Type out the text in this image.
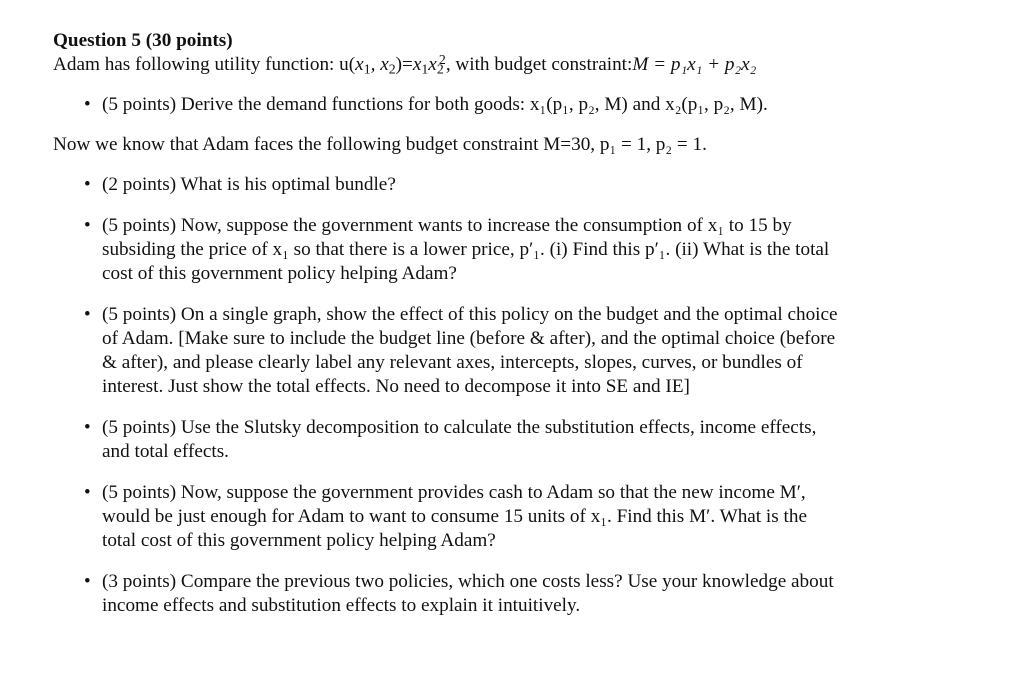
Question 5 (30 points)
Adam has following utility function: $u(x_1$, $x_2)=x_1x_2^2$, with budget constraint:M = p₁x₁ + p₂x₂
• (5 points) Derive the demand functions for both goods: x₁(p₁, p₂, M) and x₂(p₁, p₂, M).
Now we know that Adam faces the following budget constraint M=30, p₁ = 1, p₂ = 1.
• (2 points) What is his optimal bundle?
• (5 points) Now, suppose the government wants to increase the consumption of x₁ to 15 by
subsiding the price of x₁ so that there is a lower price, p′₁. (i) Find this p′₁. (ii) What is the total
cost of this government policy helping Adam?
• (5 points) On a single graph, show the effect of this policy on the budget and the optimal choice
of Adam. [Make sure to include the budget line (before & after), and the optimal choice (before
& after), and please clearly label any relevant axes, intercepts, slopes, curves, or bundles of
interest. Just show the total effects. No need to decompose it into SE and IE]
• (5 points) Use the Slutsky decomposition to calculate the substitution effects, income effects,
and total effects.
• (5 points) Now, suppose the government provides cash to Adam so that the new income M′,
would be just enough for Adam to want to consume 15 units of x₁. Find this M′. What is the
total cost of this government policy helping Adam?
• (3 points) Compare the previous two policies, which one costs less? Use your knowledge about
income effects and substitution effects to explain it intuitively.
